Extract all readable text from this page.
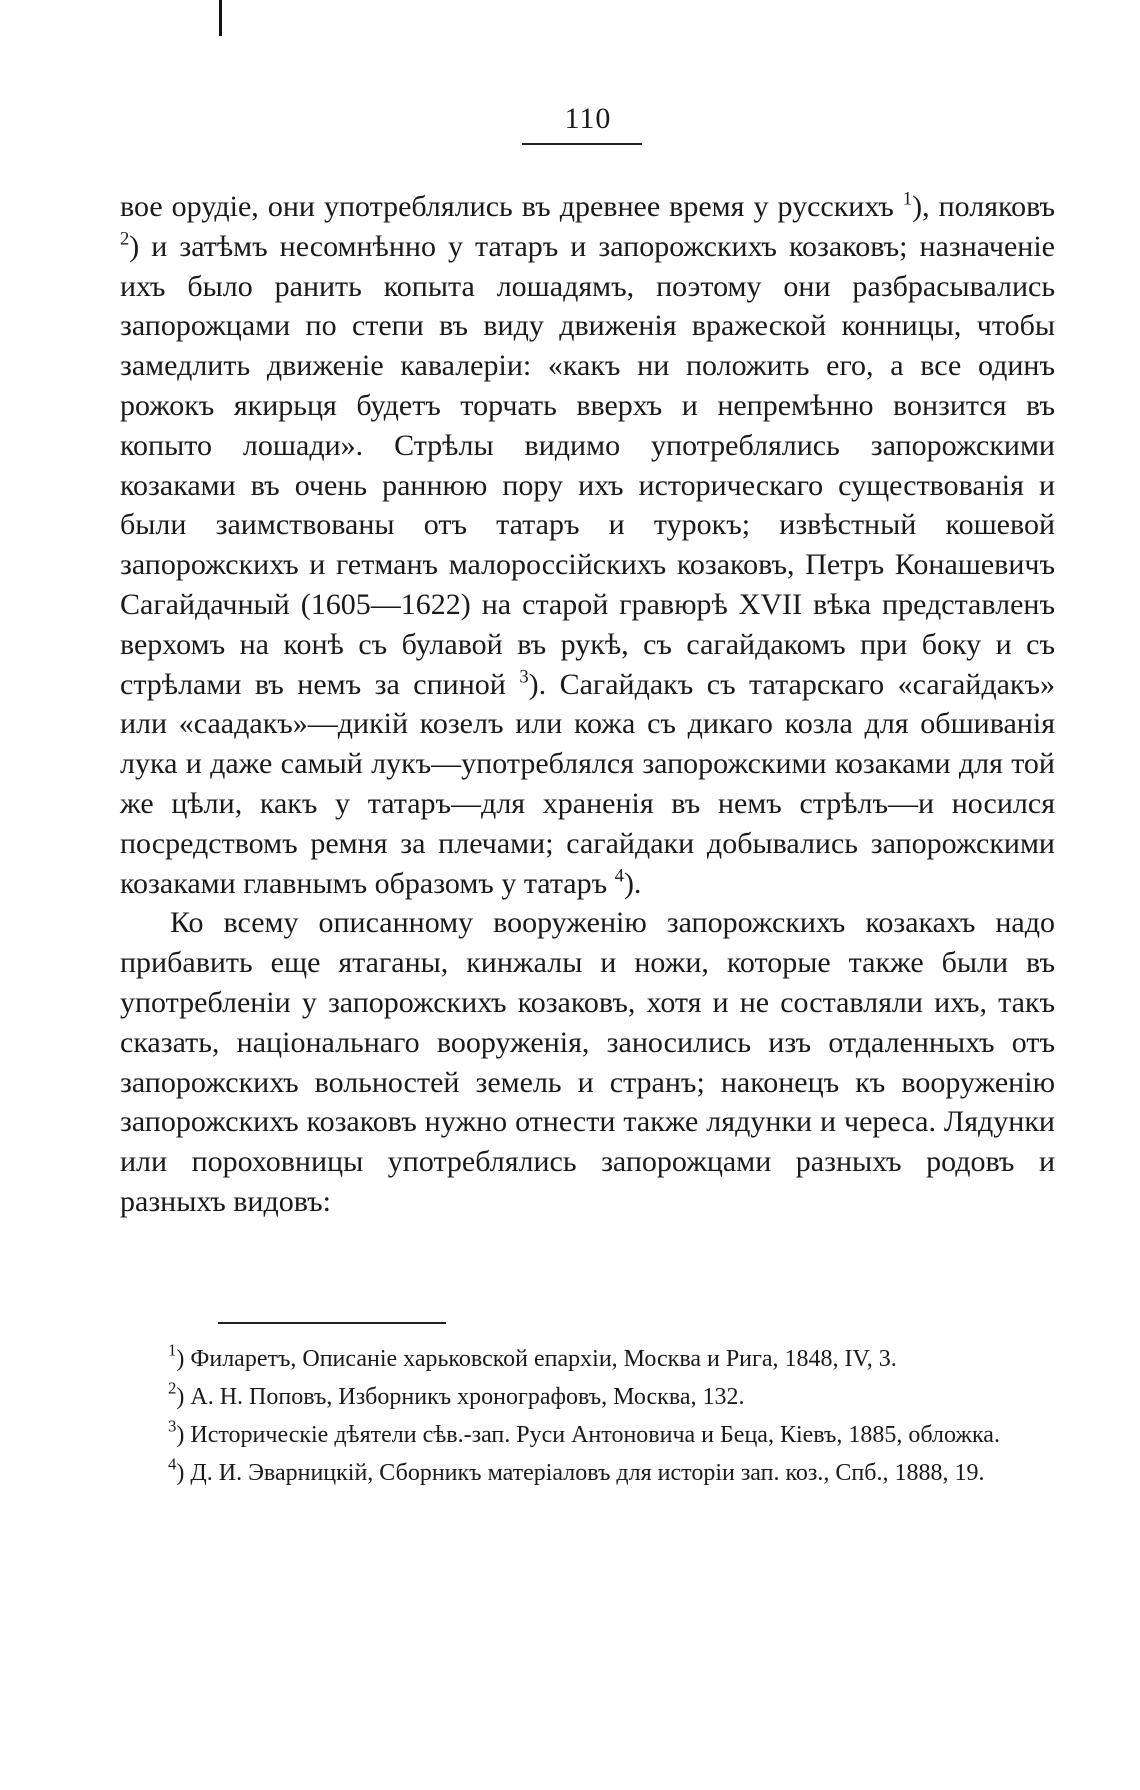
110

вое орудіе, они употреблялись въ древнее время у русскихъ $^1$), поляковъ $^2$) и затѣмъ несомнѣнно у татаръ и запорожскихъ козаковъ; назначеніе ихъ было ранить копыта лошадямъ, поэтому они разбрасывались запорожцами по степи въ виду движенія вражеской конницы, чтобы замедлить движеніе кавалеріи: «какъ ни положить его, а все одинъ рожокъ якирьця будетъ торчать вверхъ и непремѣнно вонзится въ копыто лошади». Стрѣлы видимо употреблялись запорожскими козаками въ очень раннюю пору ихъ историческаго существованія и были заимствованы отъ татаръ и турокъ; извѣстный кошевой запорожскихъ и гетманъ малороссійскихъ козаковъ, Петръ Конашевичъ Сагайдачный (1605—1622) на старой гравюрѣ XVII вѣка представленъ верхомъ на конѣ съ булавой въ рукѣ, съ сагайдакомъ при боку и съ стрѣлами въ немъ за спиной $^3$). Сагайдакъ съ татарскаго «сагайдакъ» или «саадакъ»—дикій козелъ или кожа съ дикаго козла для обшиванія лука и даже самый лукъ—употреблялся запорожскими козаками для той же цѣли, какъ у татаръ—для храненія въ немъ стрѣлъ—и носился посредствомъ ремня за плечами; сагайдаки добывались запорожскими козаками главнымъ образомъ у татаръ $^4$).

Ко всему описанному вооруженію запорожскихъ козакахъ надо прибавить еще ятаганы, кинжалы и ножи, которые также были въ употребленіи у запорожскихъ козаковъ, хотя и не составляли ихъ, такъ сказать, національнаго вооруженія, заносились изъ отдаленныхъ отъ запорожскихъ вольностей земель и странъ; наконецъ къ вооруженію запорожскихъ козаковъ нужно отнести также лядунки и череса. Лядунки или пороховницы употреблялись запорожцами разныхъ родовъ и разныхъ видовъ:

$^1$) Филаретъ, Описаніе харьковской епархіи, Москва и Рига, 1848, IV, 3.

$^2$) А. Н. Поповъ, Изборникъ хронографовъ, Москва, 132.

$^3$) Историческіе дѣятели сѣв.-зап. Руси Антоновича и Беца, Кіевъ, 1885, обложка.

$^4$) Д. И. Эварницкій, Сборникъ матеріаловъ для исторіи зап. коз., Спб., 1888, 19.
